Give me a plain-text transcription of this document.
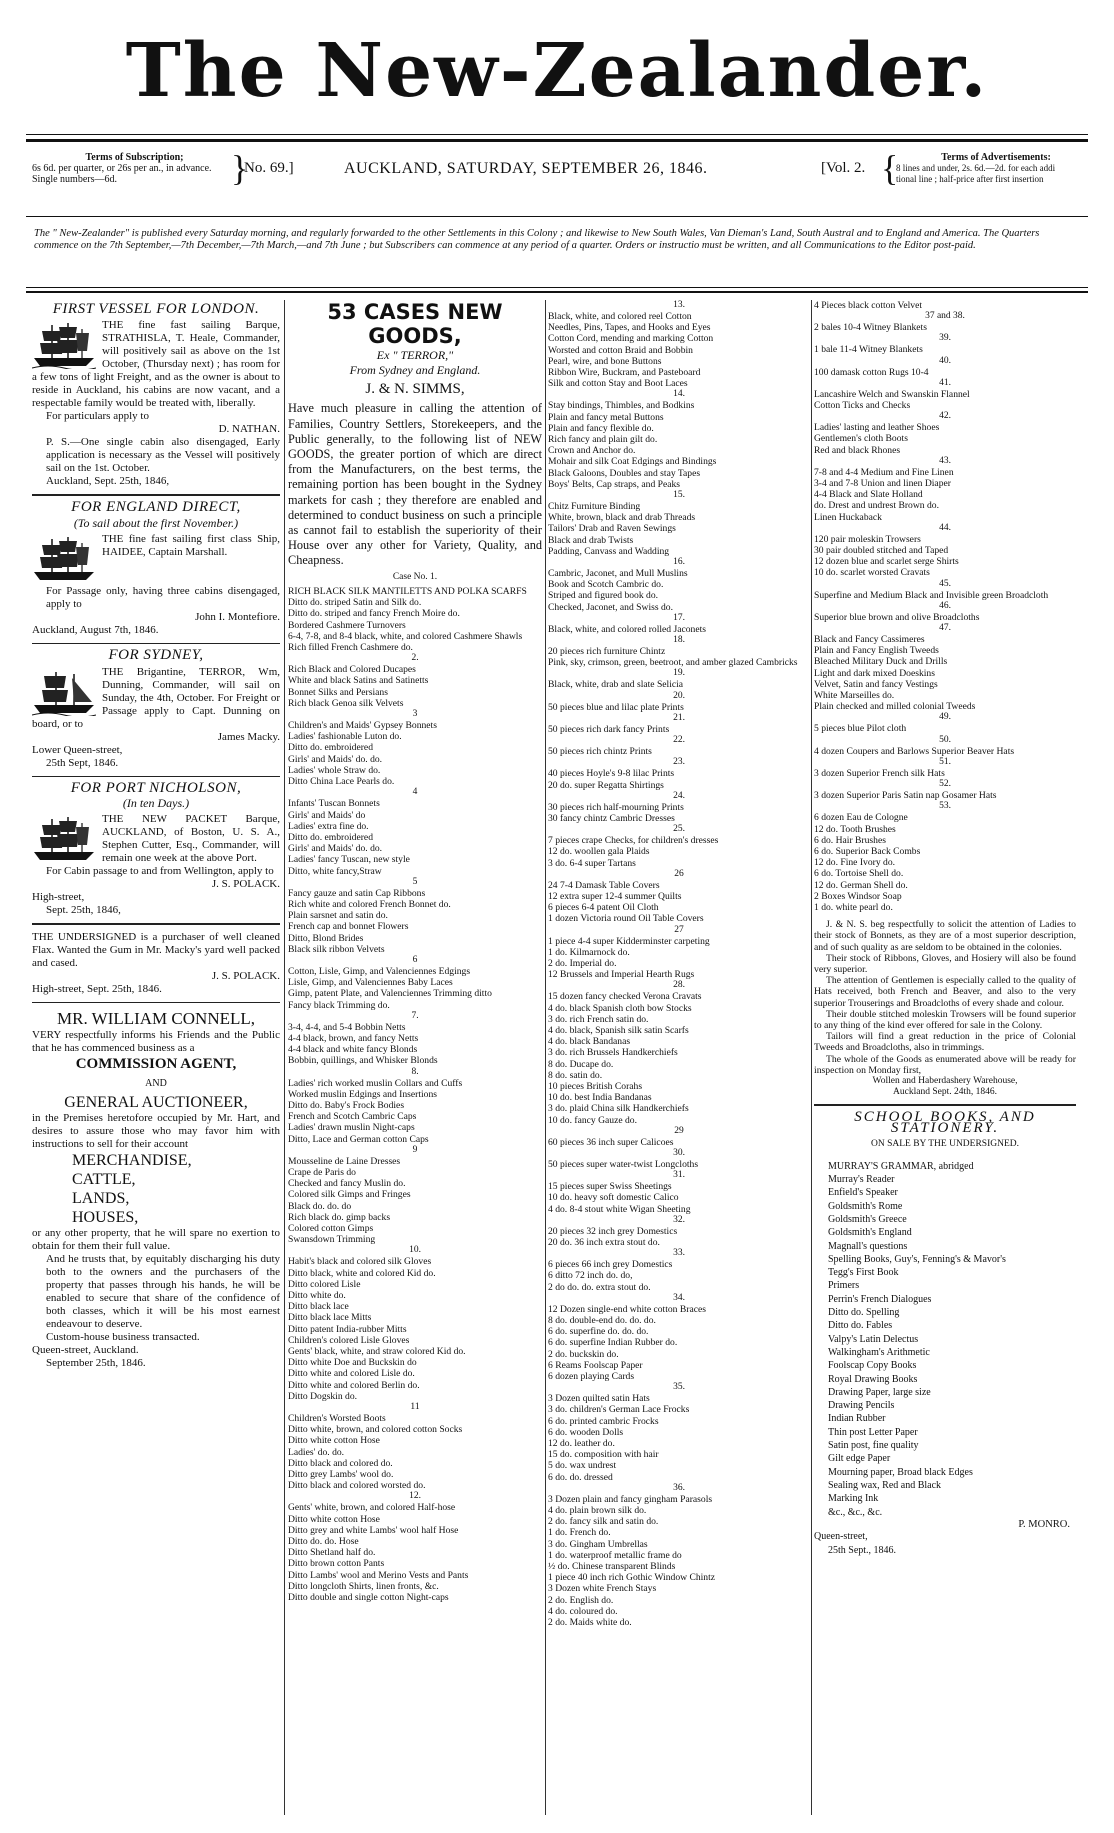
The New-Zealander.
Terms of Subscription;
6s 6d. per quarter, or 26s per an., in advance.
Single numbers—6d.	}
No. 69.]	AUCKLAND, SATURDAY, SEPTEMBER 26, 1846.	[Vol. 2. {	Terms of Advertisements:
8 lines and under, 2s. 6d.—2d. for each addi
tional line ; half-price after first insertion
The " New-Zealander" is published every Saturday morning, and regularly forwarded to the other Settlements in this Colony ; and likewise to New South Wales, Van Dieman's Land, South Austral and to England and America. The Quarters commence on the 7th September,—7th December,—7th March,—and 7th June ; but Subscribers can commence at any period of a quarter. Orders or instructio must be written, and all Communications to the Editor post-paid.
FIRST VESSEL FOR LONDON.

THE fine fast sailing Barque, STRATHISLA, T. Heale, Commander, will positively sail as above on the 1st October, (Thursday next) ; has room for a few tons of light Freight, and as the owner is about to reside in Auckland, his cabins are now vacant, and a respectable family would be treated with, liberally.

For particulars apply to

D. NATHAN.

P. S.—One single cabin also disengaged, Early application is necessary as the Vessel will positively sail on the 1st. October.

Auckland, Sept. 25th, 1846,

FOR ENGLAND DIRECT,
(To sail about the first November.)

THE fine fast sailing first class Ship, HAIDEE, Captain Marshall.

For Passage only, having three cabins disengaged, apply to

John I. Montefiore.

Auckland, August 7th, 1846.

FOR SYDNEY,

THE Brigantine, TERROR, Wm, Dunning, Commander, will sail on Sunday, the 4th, October. For Freight or Passage apply to Capt. Dunning on board, or to

James Macky.

Lower Queen-street,

25th Sept, 1846.

FOR PORT NICHOLSON,
(In ten Days.)

THE NEW PACKET Barque, AUCKLAND, of Boston, U. S. A., Stephen Cutter, Esq., Commander, will remain one week at the above Port.

For Cabin passage to and from Wellington, apply to

J. S. POLACK.

High-street,

Sept. 25th, 1846,

THE UNDERSIGNED is a purchaser of well cleaned Flax. Wanted the Gum in Mr. Macky's yard well packed and cased.

J. S. POLACK.

High-street, Sept. 25th, 1846.

MR. WILLIAM CONNELL,

VERY respectfully informs his Friends and the Public that he has commenced business as a

COMMISSION AGENT,
AND
GENERAL AUCTIONEER,

in the Premises heretofore occupied by Mr. Hart, and desires to assure those who may favor him with instructions to sell for their account

MERCHANDISE,
CATTLE,
LANDS,
HOUSES,

or any other property, that he will spare no exertion to obtain for them their full value.

And he trusts that, by equitably discharging his duty both to the owners and the purchasers of the property that passes through his hands, he will be enabled to secure that share of the confidence of both classes, which it will be his most earnest endeavour to deserve.

Custom-house business transacted.

Queen-street, Auckland.

September 25th, 1846.

53 CASES NEW GOODS,
Ex " TERROR,"
From Sydney and England.
J. & N. SIMMS,

Have much pleasure in calling the attention of Families, Country Settlers, Storekeepers, and the Public generally, to the following list of NEW GOODS, the greater portion of which are direct from the Manufacturers, on the best terms, the remaining portion has been bought in the Sydney markets for cash ; they therefore are enabled and determined to conduct business on such a principle as cannot fail to establish the superiority of their House over any other for Variety, Quality, and Cheapness.

Case No. 1.
RICH BLACK SILK MANTILETTS AND POLKA SCARFS
Ditto do. striped Satin and Silk do.
Ditto do. striped and fancy French Moire do.
Bordered Cashmere Turnovers
6-4, 7-8, and 8-4 black, white, and colored Cashmere Shawls
Rich filled French Cashmere do.
2.
Rich Black and Colored Ducapes
White and black Satins and Satinetts
Bonnet Silks and Persians
Rich black Genoa silk Velvets
3
Children's and Maids' Gypsey Bonnets
Ladies' fashionable Luton do.
Ditto do. embroidered
Girls' and Maids' do. do.
Ladies' whole Straw do.
Ditto China Lace Pearls do.
4
Infants' Tuscan Bonnets
Girls' and Maids' do
Ladies' extra fine do.
Ditto do. embroidered
Girls' and Maids' do. do.
Ladies' fancy Tuscan, new style
Ditto, white fancy,Straw
5
Fancy gauze and satin Cap Ribbons
Rich white and colored French Bonnet do.
Plain sarsnet and satin do.
French cap and bonnet Flowers
Ditto, Blond Brides
Black silk ribbon Velvets
6
Cotton, Lisle, Gimp, and Valenciennes Edgings
Lisle, Gimp, and Valenciennes Baby Laces
Gimp, patent Plate, and Valenciennes Trimming ditto
Fancy black Trimming do.
7.
3-4, 4-4, and 5-4 Bobbin Netts
4-4 black, brown, and fancy Netts
4-4 black and white fancy Blonds
Bobbin, quillings, and Whisker Blonds
8.
Ladies' rich worked muslin Collars and Cuffs
Worked muslin Edgings and Insertions
Ditto do. Baby's Frock Bodies
French and Scotch Cambric Caps
Ladies' drawn muslin Night-caps
Ditto, Lace and German cotton Caps
9
Mousseline de Laine Dresses
Crape de Paris do
Checked and fancy Muslin do.
Colored silk Gimps and Fringes
Black do. do. do
Rich black do. gimp backs
Colored cotton Gimps
Swansdown Trimming
10.
Habit's black and colored silk Gloves
Ditto black, white and colored Kid do.
Ditto colored Lisle
Ditto white do.
Ditto black lace
Ditto black lace Mitts
Ditto patent India-rubber Mitts
Children's colored Lisle Gloves
Gents' black, white, and straw colored Kid do.
Ditto white Doe and Buckskin do
Ditto white and colored Lisle do.
Ditto white and colored Berlin do.
Ditto Dogskin do.
11
Children's Worsted Boots
Ditto white, brown, and colored cotton Socks
Ditto white cotton Hose
Ladies' do. do.
Ditto black and colored do.
Ditto grey Lambs' wool do.
Ditto black and colored worsted do.
12.
Gents' white, brown, and colored Half-hose
Ditto white cotton Hose
Ditto grey and white Lambs' wool half Hose
Ditto do. do. Hose
Ditto Shetland half do.
Ditto brown cotton Pants
Ditto Lambs' wool and Merino Vests and Pants
Ditto longcloth Shirts, linen fronts, &c.
Ditto double and single cotton Night-caps
13.
Black, white, and colored reel Cotton
Needles, Pins, Tapes, and Hooks and Eyes
Cotton Cord, mending and marking Cotton
Worsted and cotton Braid and Bobbin
Pearl, wire, and bone Buttons
Ribbon Wire, Buckram, and Pasteboard
Silk and cotton Stay and Boot Laces
14.
Stay bindings, Thimbles, and Bodkins
Plain and fancy metal Buttons
Plain and fancy flexible do.
Rich fancy and plain gilt do.
Crown and Anchor do.
Mohair and silk Coat Edgings and Bindings
Black Galoons, Doubles and stay Tapes
Boys' Belts, Cap straps, and Peaks
15.
Chitz Furniture Binding
White, brown, black and drab Threads
Tailors' Drab and Raven Sewings
Black and drab Twists
Padding, Canvass and Wadding
16.
Cambric, Jaconet, and Mull Muslins
Book and Scotch Cambric do.
Striped and figured book do.
Checked, Jaconet, and Swiss do.
17.
Black, white, and colored rolled Jaconets
18.
20 pieces rich furniture Chintz
Pink, sky, crimson, green, beetroot, and amber glazed Cambricks
19.
Black, white, drab and slate Selicia
20.
50 pieces blue and lilac plate Prints
21.
50 pieces rich dark fancy Prints
22.
50 pieces rich chintz Prints
23.
40 pieces Hoyle's 9-8 lilac Prints
20 do. super Regatta Shirtings
24.
30 pieces rich half-mourning Prints
30 fancy chintz Cambric Dresses
25.
7 pieces crape Checks, for children's dresses
12 do. woollen gala Plaids
3 do. 6-4 super Tartans
26
24 7-4 Damask Table Covers
12 extra super 12-4 summer Quilts
6 pieces 6-4 patent Oil Cloth
1 dozen Victoria round Oil Table Covers
27
1 piece 4-4 super Kidderminster carpeting
1 do. Kilmarnock do.
2 do. Imperial do.
12 Brussels and Imperial Hearth Rugs
28.
15 dozen fancy checked Verona Cravats
4 do. black Spanish cloth bow Stocks
3 do. rich French satin do.
4 do. black, Spanish silk satin Scarfs
4 do. black Bandanas
3 do. rich Brussels Handkerchiefs
8 do. Ducape do.
8 do. satin do.
10 pieces British Corahs
10 do. best India Bandanas
3 do. plaid China silk Handkerchiefs
10 do. fancy Gauze do.
29
60 pieces 36 inch super Calicoes
30.
50 pieces super water-twist Longcloths
31.
15 pieces super Swiss Sheetings
10 do. heavy soft domestic Calico
4 do. 8-4 stout white Wigan Sheeting
32.
20 pieces 32 inch grey Domestics
20 do. 36 inch extra stout do.
33.
6 pieces 66 inch grey Domestics
6 ditto 72 inch do. do,
2 do do. do. extra stout do.
34.
12 Dozen single-end white cotton Braces
8 do. double-end do. do. do.
6 do. superfine do. do. do.
6 do. superfine Indian Rubber do.
2 do. buckskin do.
6 Reams Foolscap Paper
6 dozen playing Cards
35.
3 Dozen quilted satin Hats
3 do. children's German Lace Frocks
6 do. printed cambric Frocks
6 do. wooden Dolls
12 do. leather do.
15 do. composition with hair
5 do. wax undrest
6 do. do. dressed
36.
3 Dozen plain and fancy gingham Parasols
4 do. plain brown silk do.
2 do. fancy silk and satin do.
1 do. French do.
3 do. Gingham Umbrellas
1 do. waterproof metallic frame do
½ do. Chinese transparent Blinds
1 piece 40 inch rich Gothic Window Chintz
3 Dozen white French Stays
2 do. English do.
4 do. coloured do.
2 do. Maids white do.
4 Pieces black cotton Velvet
37 and 38.
2 bales 10-4 Witney Blankets
39.
1 bale 11-4 Witney Blankets
40.
100 damask cotton Rugs 10-4
41.
Lancashire Welch and Swanskin Flannel
Cotton Ticks and Checks
42.
Ladies' lasting and leather Shoes
Gentlemen's cloth Boots
Red and black Rhones
43.
7-8 and 4-4 Medium and Fine Linen
3-4 and 7-8 Union and linen Diaper
4-4 Black and Slate Holland
do. Drest and undrest Brown do.
Linen Huckaback
44.
120 pair moleskin Trowsers
30 pair doubled stitched and Taped
12 dozen blue and scarlet serge Shirts
10 do. scarlet worsted Cravats
45.
Superfine and Medium Black and Invisible green Broadcloth
46.
Superior blue brown and olive Broadcloths
47.
Black and Fancy Cassimeres
Plain and Fancy English Tweeds
Bleached Military Duck and Drills
Light and dark mixed Doeskins
Velvet, Satin and fancy Vestings
White Marseilles do.
Plain checked and milled colonial Tweeds
49.
5 pieces blue Pilot cloth
50.
4 dozen Coupers and Barlows Superior Beaver Hats
51.
3 dozen Superior French silk Hats
52.
3 dozen Superior Paris Satin nap Gosamer Hats
53.
6 dozen Eau de Cologne
12 do. Tooth Brushes
6 do. Hair Brushes
6 do. Superior Back Combs
12 do. Fine Ivory do.
6 do. Tortoise Shell do.
12 do. German Shell do.
2 Boxes Windsor Soap
1 do. white pearl do.

J. & N. S. beg respectfully to solicit the attention of Ladies to their stock of Bonnets, as they are of a most superior description, and of such quality as are seldom to be obtained in the colonies.

Their stock of Ribbons, Gloves, and Hosiery will also be found very superior.

The attention of Gentlemen is especially called to the quality of Hats received, both French and Beaver, and also to the very superior Trouserings and Broadcloths of every shade and colour.

Their double stitched moleskin Trowsers will be found superior to any thing of the kind ever offered for sale in the Colony.

Tailors will find a great reduction in the price of Colonial Tweeds and Broadcloths, also in trimmings.

The whole of the Goods as enumerated above will be ready for inspection on Monday first,

Wollen and Haberdashery Warehouse,
Auckland Sept. 24th, 1846.
SCHOOL BOOKS, AND STATIONERY.
ON SALE BY THE UNDERSIGNED.
MURRAY'S GRAMMAR, abridged
Murray's Reader
Enfield's Speaker
Goldsmith's Rome
Goldsmith's Greece
Goldsmith's England
Magnall's questions
Spelling Books, Guy's, Fenning's & Mavor's
Tegg's First Book
Primers
Perrin's French Dialogues
Ditto do. Spelling
Ditto do. Fables
Valpy's Latin Delectus
Walkingham's Arithmetic
Foolscap Copy Books
Royal Drawing Books
Drawing Paper, large size
Drawing Pencils
Indian Rubber
Thin post Letter Paper
Satin post, fine quality
Gilt edge Paper
Mourning paper, Broad black Edges
Sealing wax, Red and Black
Marking Ink
&c., &c., &c.
P. MONRO.
Queen-street,
25th Sept., 1846.
